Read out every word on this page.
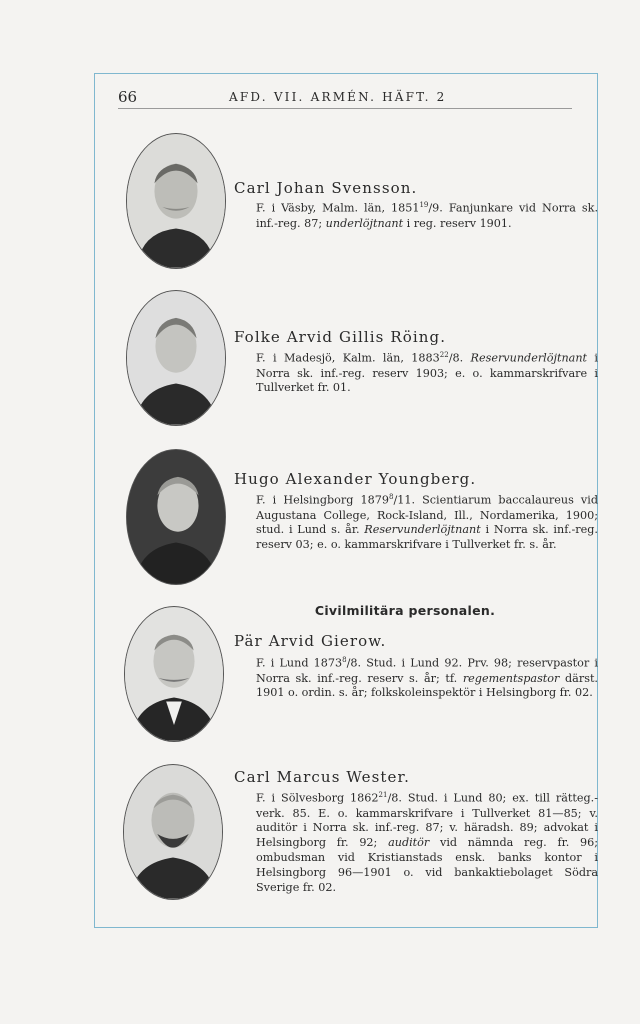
66	AFD. VII. ARMÉN. HÄFT. 2
Carl Johan Svensson.

F. i Väsby, Malm. län, 1851$^{19}$/9. Fanjunkare vid Norra sk. inf.-reg. 87; underlöjtnant i reg. reserv 1901.

Folke Arvid Gillis Röing.

F. i Madesjö, Kalm. län, 1883$^{22}$/8. Reservunderlöjtnant i Norra sk. inf.-reg. reserv 1903; e. o. kammarskrifvare i Tullverket fr. 01.

Hugo Alexander Youngberg.

F. i Helsingborg 1879$^8$/11. Scientiarum baccalaureus vid Augustana College, Rock-Island, Ill., Nordamerika, 1900; stud. i Lund s. år. Reservunderlöjtnant i Norra sk. inf.-reg. reserv 03; e. o. kammarskrifvare i Tullverket fr. s. år.

Civilmilitära personalen.
Pär Arvid Gierow.

F. i Lund 1873$^8$/8. Stud. i Lund 92. Prv. 98; reservpastor i Norra sk. inf.-reg. reserv s. år; tf. regementspastor därst. 1901 o. ordin. s. år; folkskoleinspektör i Helsingborg fr. 02.

Carl Marcus Wester.

F. i Sölvesborg 1862$^{21}$/8. Stud. i Lund 80; ex. till rätteg.-verk. 85. E. o. kammarskrifvare i Tullverket 81—85; v. auditör i Norra sk. inf.-reg. 87; v. häradsh. 89; advokat i Helsingborg fr. 92; auditör vid nämnda reg. fr. 96; ombudsman vid Kristianstads ensk. banks kontor i Helsingborg 96—1901 o. vid bankaktiebolaget Södra Sverige fr. 02.
